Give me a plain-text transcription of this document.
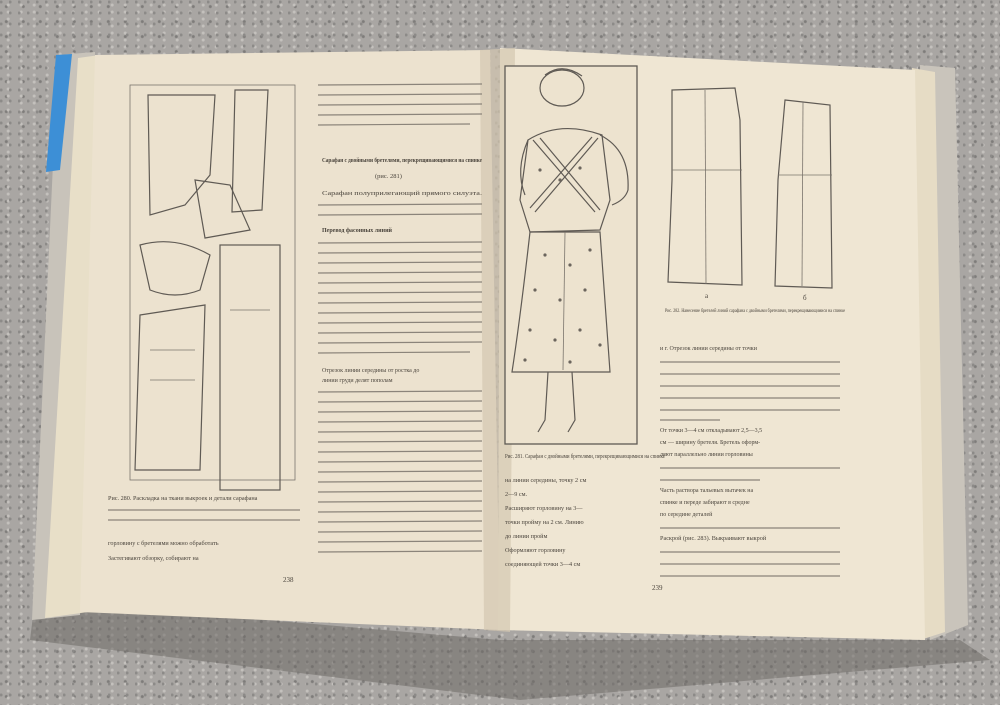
Рис. 280. Раскладка на ткани выкроек и детали сарафана
Сарафан с двойными бретелями, перекрещивающимися на спинке
(рис. 281)
Сарафан полуприлегающий прямого силуэта.
Перевод фасонных линий
Отрезок линии середины от ростка до
линии груди делят пополам
горловину с бретелями можно обработать
Застегивают обзорку, собирают на
238
Рис. 281. Сарафан с двойными бретелями, перекрещивающимися на спинке
а	б
Рис. 282. Нанесение бретелей линий сарафана с двойными бретелями, перекрещивающимися на спинке
на линии середины, точку 2 см
2—9 см.
Расширяют горловину на 3—
точки пройму на 2 см. Линию
до линии пройм
Оформляют горловину
соединяющей точки 3—4 см
и г. Отрезок линии середины от точки
От точки 3—4 см откладывают 2,5—3,5
см — ширину бретеля. Бретель оформ-
ляют параллельно линии горловины
Часть раствора тальевых вытачек на
спинке и переде забирают в средне
по середине деталей
Раскрой (рис. 283). Выкраивают выкрой
239
